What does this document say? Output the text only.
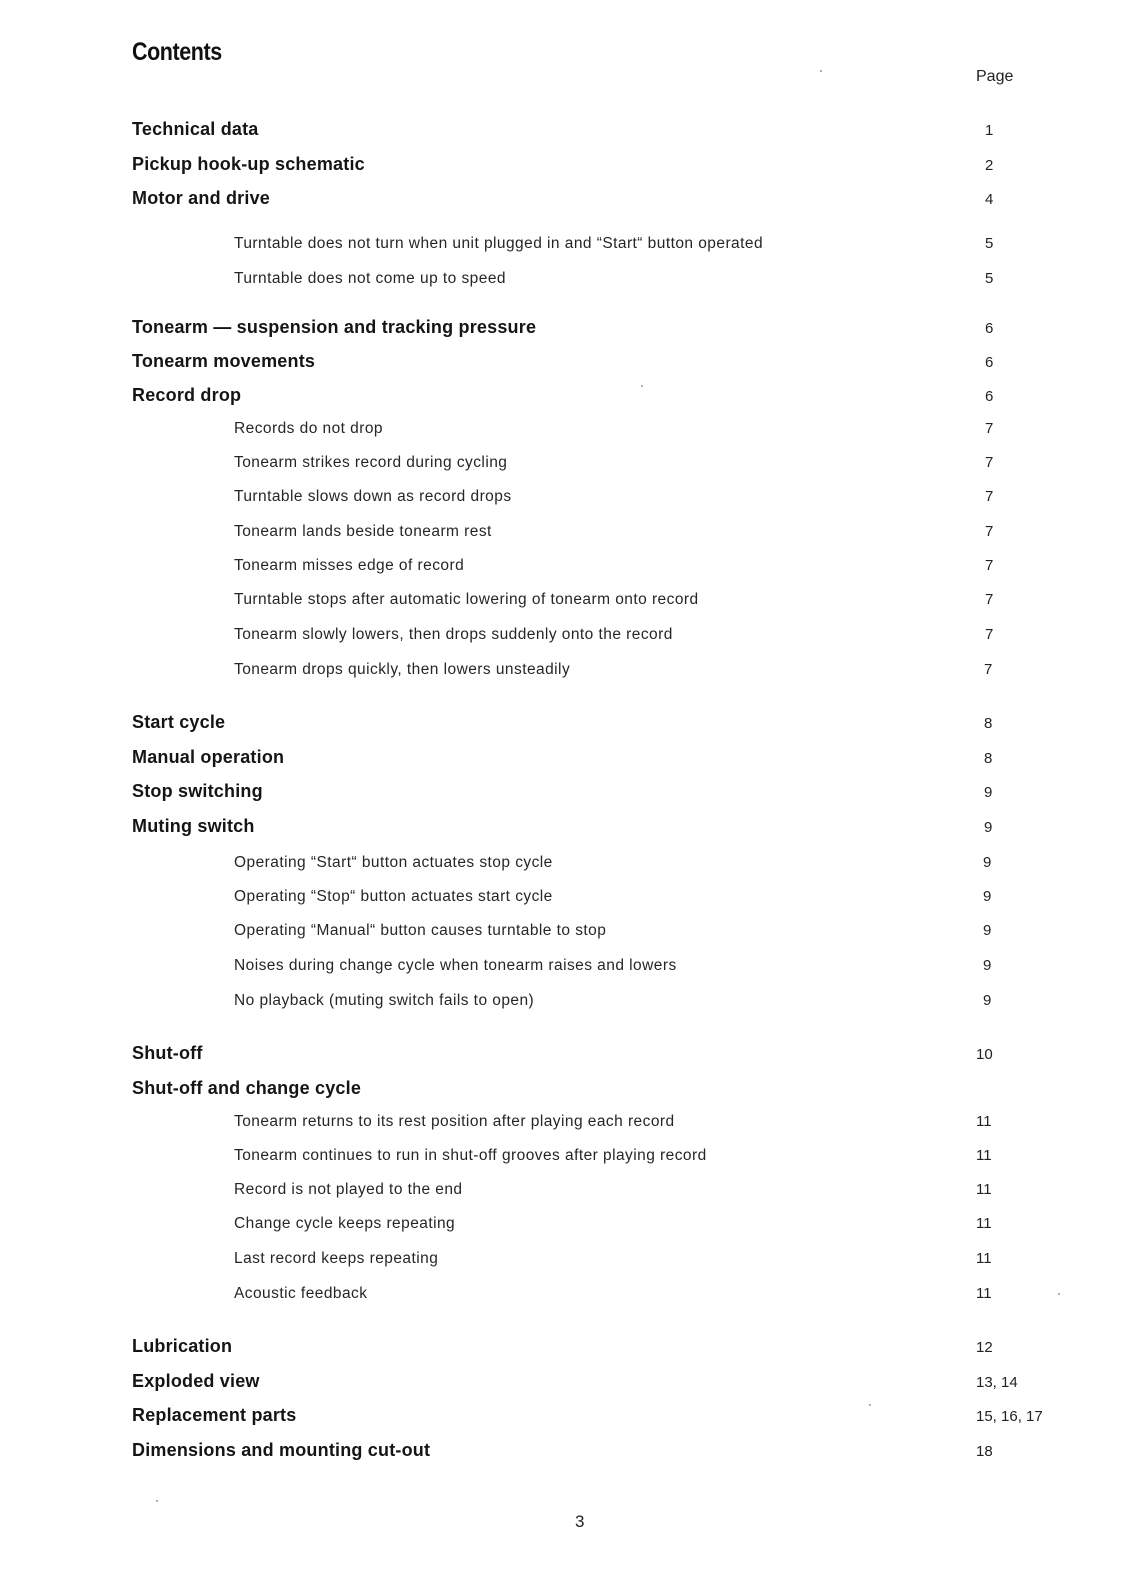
Contents
Page
Technical data	1
Pickup hook-up schematic	2
Motor and drive	4
Turntable does not turn when unit plugged in and “Start“ button operated	5
Turntable does not come up to speed	5
Tonearm — suspension and tracking pressure	6
Tonearm movements	6
Record drop	6
Records do not drop	7
Tonearm strikes record during cycling	7
Turntable slows down as record drops	7
Tonearm lands beside tonearm rest	7
Tonearm misses edge of record	7
Turntable stops after automatic lowering of tonearm onto record	7
Tonearm slowly lowers, then drops suddenly onto the record	7
Tonearm drops quickly, then lowers unsteadily	7
Start cycle	8
Manual operation	8
Stop switching	9
Muting switch	9
Operating “Start“ button actuates stop cycle	9
Operating “Stop“ button actuates start cycle	9
Operating “Manual“ button causes turntable to stop	9
Noises during change cycle when tonearm raises and lowers	9
No playback (muting switch fails to open)	9
Shut-off	10
Shut-off and change cycle
Tonearm returns to its rest position after playing each record	11
Tonearm continues to run in shut-off grooves after playing record	11
Record is not played to the end	11
Change cycle keeps repeating	11
Last record keeps repeating	11
Acoustic feedback	11
Lubrication	12
Exploded view	13, 14
Replacement parts	15, 16, 17
Dimensions and mounting cut-out	18
3
